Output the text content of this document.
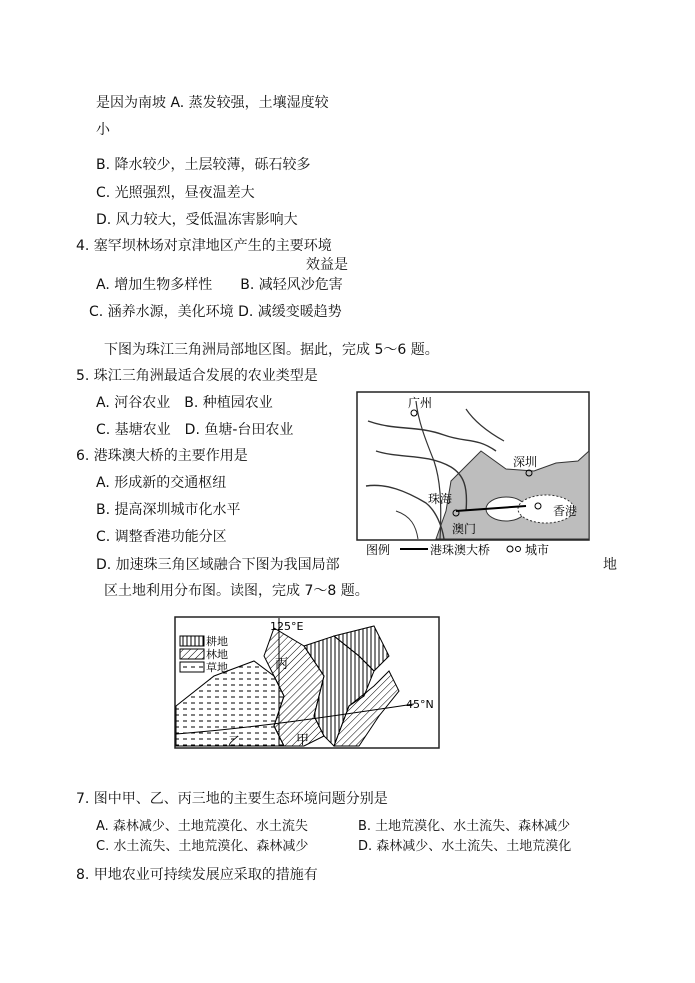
是因为南坡 A. 蒸发较强，土壤湿度较
小
B. 降水较少，土层较薄，砾石较多
C. 光照强烈，昼夜温差大
D. 风力较大，受低温冻害影响大
4. 塞罕坝林场对京津地区产生的主要环境
效益是
A. 增加生物多样性　　B. 减轻风沙危害
C. 涵养水源，美化环境 D. 减缓变暖趋势
下图为珠江三角洲局部地区图。据此，完成 5～6 题。
5. 珠江三角洲最适合发展的农业类型是
A. 河谷农业　B. 种植园农业
C. 基塘农业　D. 鱼塘-台田农业
6. 港珠澳大桥的主要作用是
A. 形成新的交通枢纽
B. 提高深圳城市化水平
C. 调整香港功能分区
D. 加速珠三角区域融合下图为我国局部	地
区土地利用分布图。读图，完成 7～8 题。
7. 图中甲、乙、丙三地的主要生态环境问题分别是
A. 森林减少、土地荒漠化、水土流失	B. 土地荒漠化、水土流失、森林减少
C. 水土流失、土地荒漠化、森林减少	D. 森林减少、水土流失、土地荒漠化
8. 甲地农业可持续发展应采取的措施有
广州
深圳
珠海
澳门
香港
图例	港珠澳大桥	城市
耕地
林地
草地
125°E
45°N
丙
乙	甲
